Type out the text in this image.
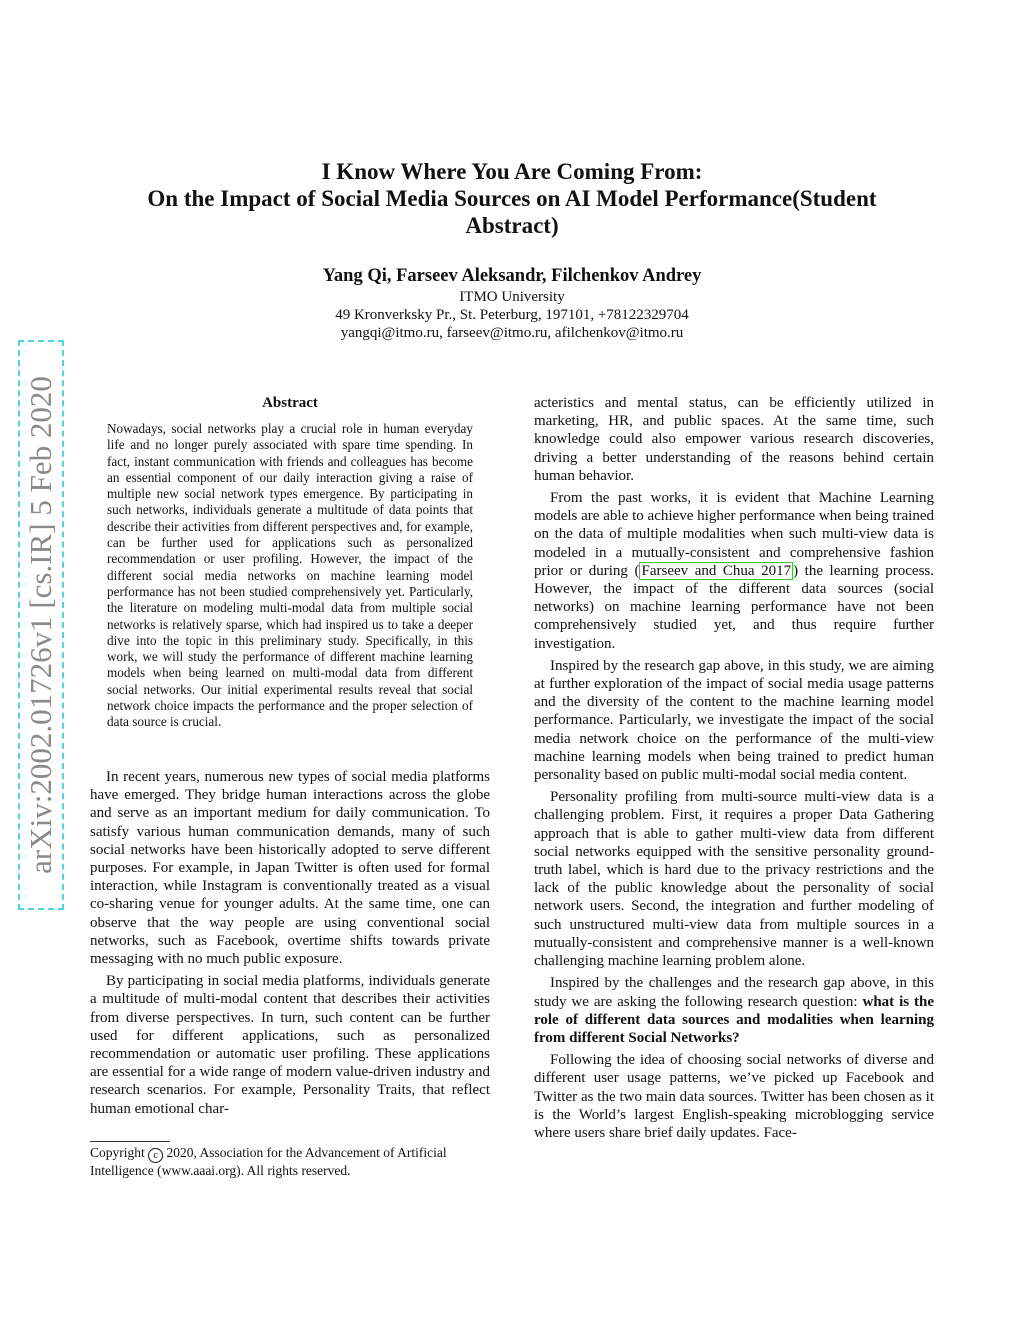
arXiv:2002.01726v1 [cs.IR] 5 Feb 2020
I Know Where You Are Coming From:
On the Impact of Social Media Sources on AI Model Performance(Student
Abstract)
Yang Qi, Farseev Aleksandr, Filchenkov Andrey
ITMO University
49 Kronverksky Pr., St. Peterburg, 197101, +78122329704
yangqi@itmo.ru, farseev@itmo.ru, afilchenkov@itmo.ru
Abstract
Nowadays, social networks play a crucial role in human everyday life and no longer purely associated with spare time spending. In fact, instant communication with friends and colleagues has become an essential component of our daily interaction giving a raise of multiple new social network types emergence. By participating in such networks, individuals generate a multitude of data points that describe their activities from different perspectives and, for example, can be further used for applications such as personalized recommendation or user profiling. However, the impact of the different social media networks on machine learning model performance has not been studied comprehensively yet. Particularly, the literature on modeling multi-modal data from multiple social networks is relatively sparse, which had inspired us to take a deeper dive into the topic in this preliminary study. Specifically, in this work, we will study the performance of different machine learning models when being learned on multi-modal data from different social networks. Our initial experimental results reveal that social network choice impacts the performance and the proper selection of data source is crucial.

In recent years, numerous new types of social media platforms have emerged. They bridge human interactions across the globe and serve as an important medium for daily communication. To satisfy various human communication demands, many of such social networks have been historically adopted to serve different purposes. For example, in Japan Twitter is often used for formal interaction, while Instagram is conventionally treated as a visual co-sharing venue for younger adults. At the same time, one can observe that the way people are using conventional social networks, such as Facebook, overtime shifts towards private messaging with no much public exposure.

By participating in social media platforms, individuals generate a multitude of multi-modal content that describes their activities from diverse perspectives. In turn, such content can be further used for different applications, such as personalized recommendation or automatic user profiling. These applications are essential for a wide range of modern value-driven industry and research scenarios. For example, Personality Traits, that reflect human emotional char-

Copyright c 2020, Association for the Advancement of Artificial Intelligence (www.aaai.org). All rights reserved.

acteristics and mental status, can be efficiently utilized in marketing, HR, and public spaces. At the same time, such knowledge could also empower various research discoveries, driving a better understanding of the reasons behind certain human behavior.

From the past works, it is evident that Machine Learning models are able to achieve higher performance when being trained on the data of multiple modalities when such multi-view data is modeled in a mutually-consistent and comprehensive fashion prior or during ( Farseev and Chua 2017 ) the learning process. However, the impact of the different data sources (social networks) on machine learning performance have not been comprehensively studied yet, and thus require further investigation.

Inspired by the research gap above, in this study, we are aiming at further exploration of the impact of social media usage patterns and the diversity of the content to the machine learning model performance. Particularly, we investigate the impact of the social media network choice on the performance of the multi-view machine learning models when being trained to predict human personality based on public multi-modal social media content.

Personality profiling from multi-source multi-view data is a challenging problem. First, it requires a proper Data Gathering approach that is able to gather multi-view data from different social networks equipped with the sensitive personality ground-truth label, which is hard due to the privacy restrictions and the lack of the public knowledge about the personality of social network users. Second, the integration and further modeling of such unstructured multi-view data from multiple sources in a mutually-consistent and comprehensive manner is a well-known challenging machine learning problem alone.

Inspired by the challenges and the research gap above, in this study we are asking the following research question: what is the role of different data sources and modalities when learning from different Social Networks?

Following the idea of choosing social networks of diverse and different user usage patterns, we’ve picked up Facebook and Twitter as the two main data sources. Twitter has been chosen as it is the World’s largest English-speaking microblogging service where users share brief daily updates. Face-
